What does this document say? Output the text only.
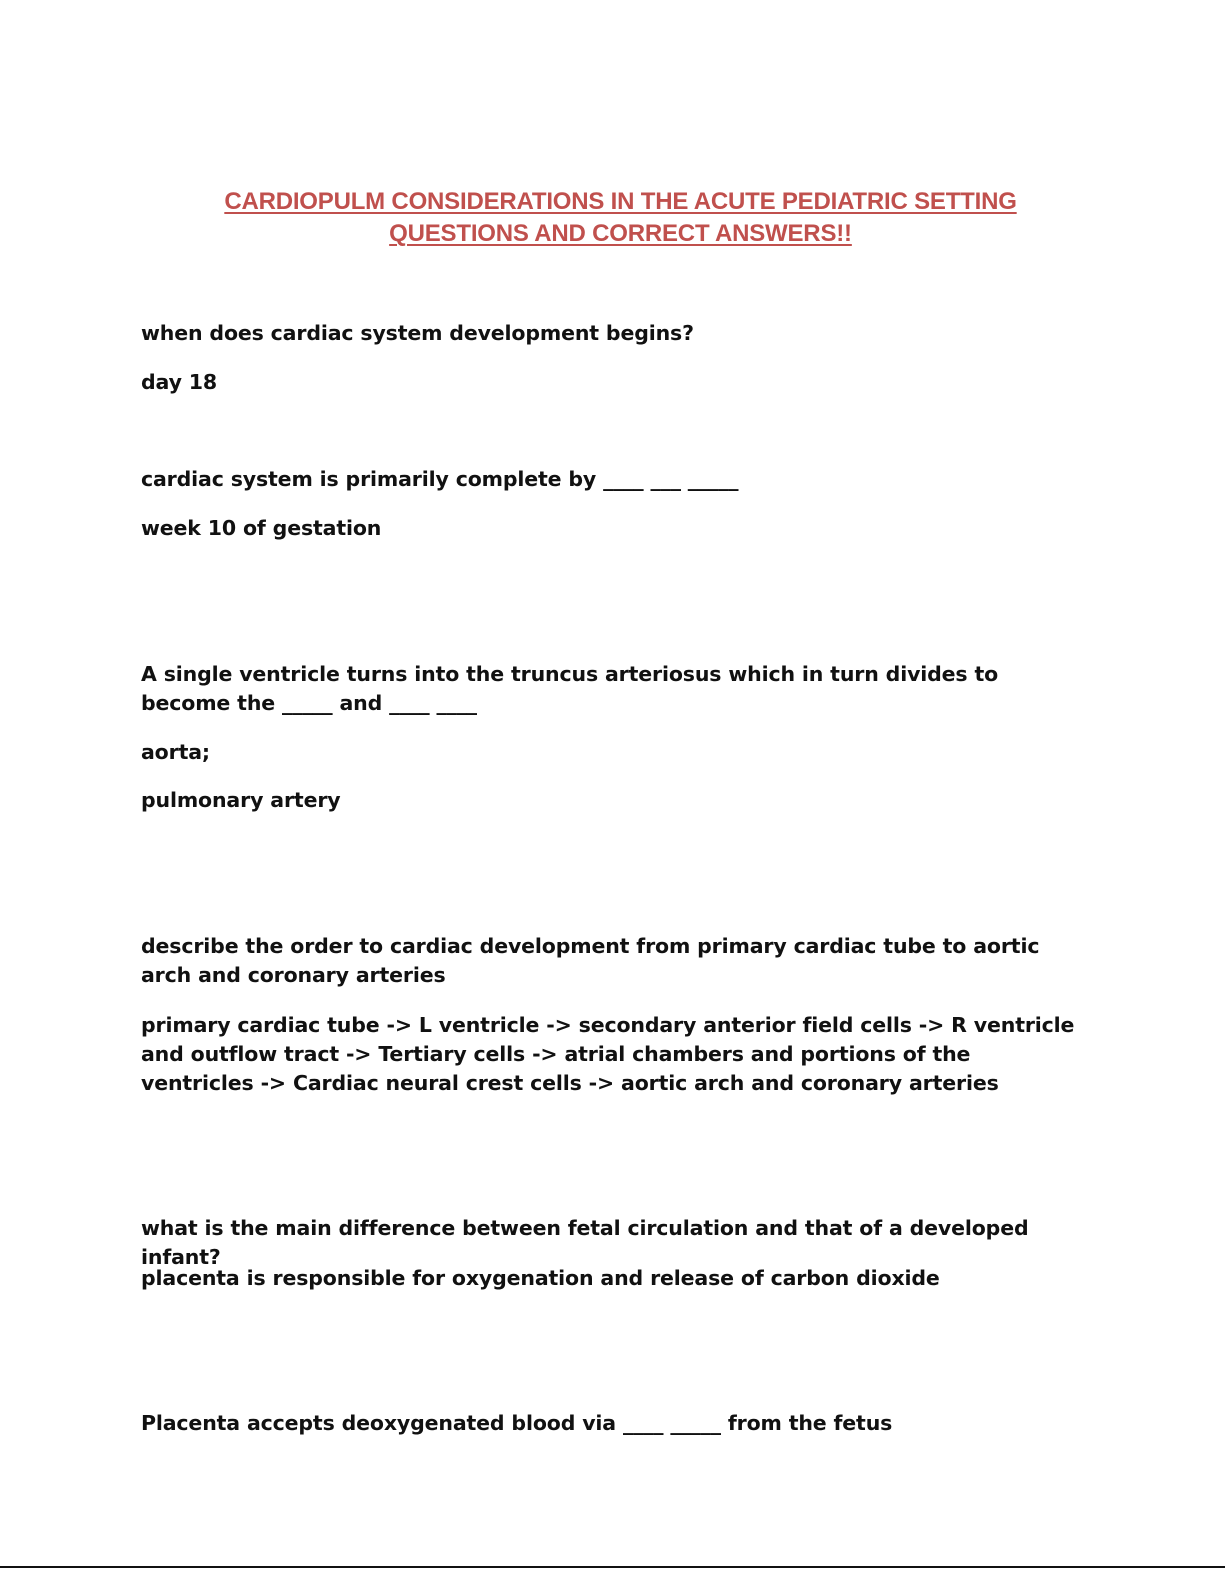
CARDIOPULM CONSIDERATIONS IN THE ACUTE PEDIATRIC SETTING
QUESTIONS AND CORRECT ANSWERS!!
when does cardiac system development begins?
day 18
cardiac system is primarily complete by ____ ___ _____
week 10 of gestation
A single ventricle turns into the truncus arteriosus which in turn divides to become the _____ and ____ ____
aorta;
pulmonary artery
describe the order to cardiac development from primary cardiac tube to aortic arch and coronary arteries
primary cardiac tube -> L ventricle -> secondary anterior field cells -> R ventricle and outflow tract -> Tertiary cells -> atrial chambers and portions of the ventricles -> Cardiac neural crest cells -> aortic arch and coronary arteries
what is the main difference between fetal circulation and that of a developed infant?
placenta is responsible for oxygenation and release of carbon dioxide
Placenta accepts deoxygenated blood via ____ _____ from the fetus
